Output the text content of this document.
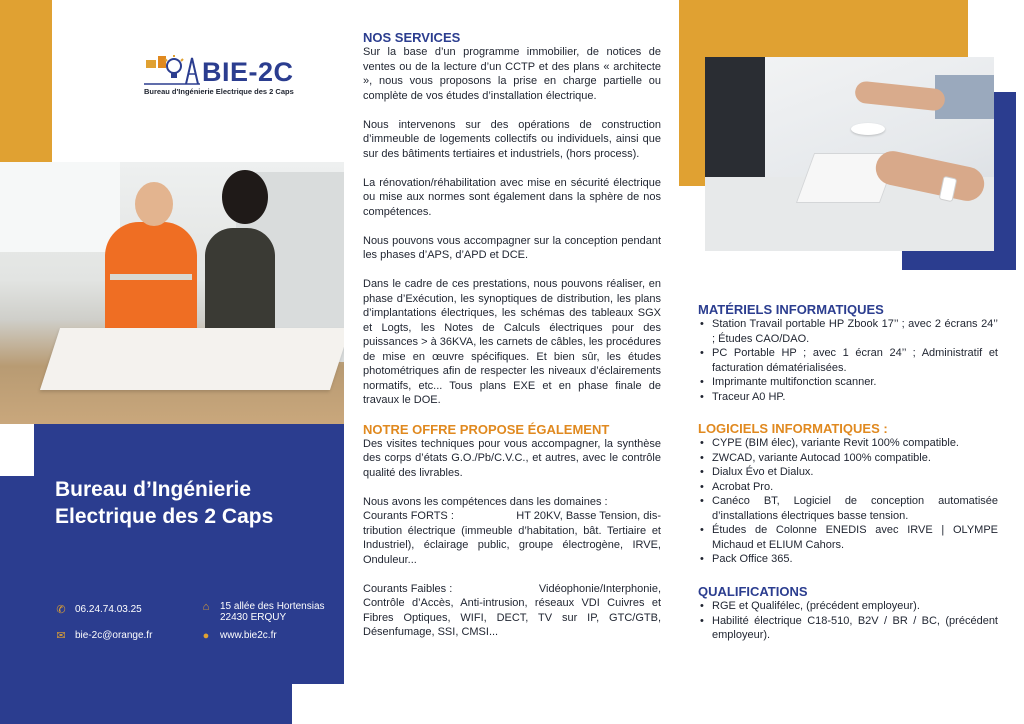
BIE-2C
Bureau d'Ingénierie Electrique des 2 Caps
Bureau d’Ingénierie
Electrique des 2 Caps
✆ 06.24.74.03.25	⌂ 15 allée des Hortensias
22430 ERQUY
✉ bie-2c@orange.fr	● www.bie2c.fr
NOS SERVICES

Sur la base d’un programme immobilier, de notices de ventes ou de la lecture d’un CCTP et des plans « architecte », nous vous proposons la prise en charge partielle ou complète de vos études d’installation électrique.

Nous intervenons sur des opérations de construction d’immeuble de logements collectifs ou individuels, ainsi que sur des bâtiments tertiaires et industriels, (hors process).

La rénovation/réhabilitation avec mise en sécurité électrique ou mise aux normes sont également dans la sphère de nos compétences.

Nous pouvons vous accompagner sur la conception pendant les phases d’APS, d’APD et DCE.

Dans le cadre de ces prestations, nous pouvons réaliser, en phase d’Exécution, les synoptiques de distribution, les plans d’implantations électriques, les schémas des tableaux SGX et Logts, les Notes de Calculs électriques pour des puissances > à 36KVA, les carnets de câbles, les procédures de mise en œuvre spécifiques. Et bien sûr, les études photométriques afin de respecter les niveaux d’éclairements normatifs, etc... Tous plans EXE et en phase finale de travaux le DOE.

NOTRE OFFRE PROPOSE ÉGALEMENT

Des visites techniques pour vous accompagner, la synthèse des corps d’états G.O./Pb/C.V.C., et autres, avec le contrôle qualité des livrables.

Nous avons les compétences dans les domaines :

Courants FORTS :	HT 20KV, Basse Tension, dis-

tribution électrique (immeuble d’habitation, bât. Tertiaire et Industriel), éclairage public, groupe électrogène, IRVE, Onduleur...

Courants Faibles :	Vidéophonie/Interphonie,

Contrôle d’Accès, Anti-intrusion, réseaux VDI Cuivres et Fibres Optiques, WIFI, DECT, TV sur IP, GTC/GTB, Désenfumage, SSI, CMSI...

MATÉRIELS INFORMATIQUES
• Station Travail portable HP Zbook 17’’ ; avec 2 écrans 24’’ ; Études CAO/DAO.
• PC Portable HP ; avec 1 écran 24’’ ; Administratif et facturation dématérialisées.
• Imprimante multifonction scanner.
• Traceur A0 HP.
LOGICIELS INFORMATIQUES :
• CYPE (BIM élec), variante Revit 100% compatible.
• ZWCAD, variante Autocad 100% compatible.
• Dialux Évo et Dialux.
• Acrobat Pro.
• Canéco BT, Logiciel de conception automatisée d’installations électriques basse tension.
• Études de Colonne ENEDIS avec IRVE | OLYMPE Michaud et ELIUM Cahors.
• Pack Office 365.
QUALIFICATIONS
• RGE et Qualifélec, (précédent employeur).
• Habilité électrique C18-510, B2V / BR / BC, (précédent employeur).
